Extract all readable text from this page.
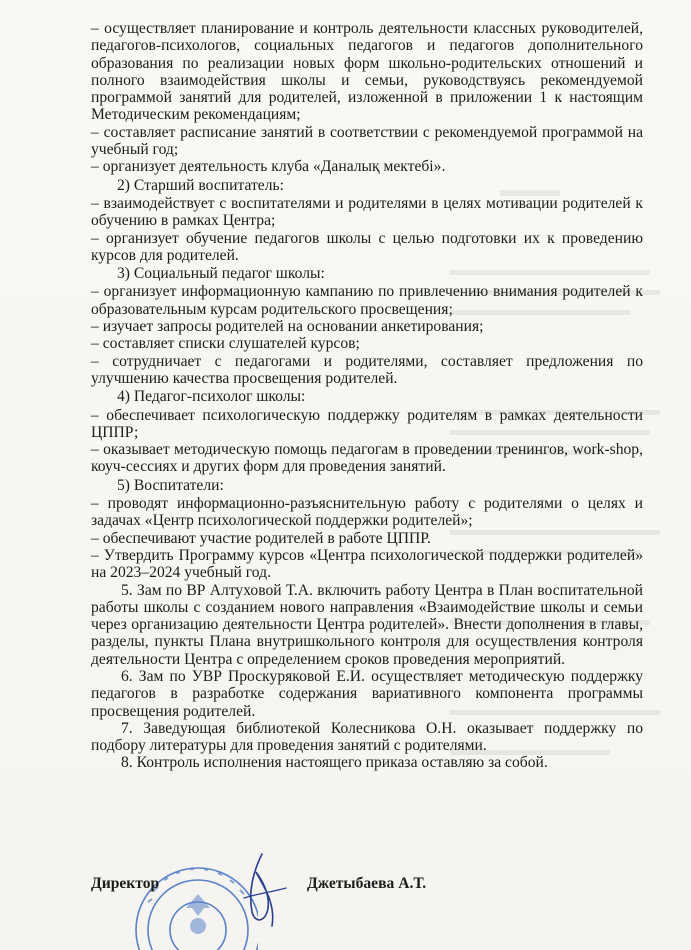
– осуществляет планирование и контроль деятельности классных руководителей, педагогов-психологов, социальных педагогов и педагогов дополнительного образования по реализации новых форм школьно-родительских отношений и полного взаимодействия школы и семьи, руководствуясь рекомендуемой программой занятий для родителей, изложенной в приложении 1 к настоящим Методическим рекомендациям;

– составляет расписание занятий в соответствии с рекомендуемой программой на учебный год;

– организует деятельность клуба «Даналық мектебі».

2) Старший воспитатель:

– взаимодействует с воспитателями и родителями в целях мотивации родителей к обучению в рамках Центра;

– организует обучение педагогов школы с целью подготовки их к проведению курсов для родителей.

3) Социальный педагог школы:

– организует информационную кампанию по привлечению внимания родителей к образовательным курсам родительского просвещения;

– изучает запросы родителей на основании анкетирования;

– составляет списки слушателей курсов;

– сотрудничает с педагогами и родителями, составляет предложения по улучшению качества просвещения родителей.

4) Педагог-психолог школы:

– обеспечивает психологическую поддержку родителям в рамках деятельности ЦППР;

– оказывает методическую помощь педагогам в проведении тренингов, work-shop, коуч-сессиях и других форм для проведения занятий.

5) Воспитатели:

– проводят информационно-разъяснительную работу с родителями о целях и задачах «Центр психологической поддержки родителей»;

– обеспечивают участие родителей в работе ЦППР.

– Утвердить Программу курсов «Центра психологической поддержки родителей» на 2023–2024 учебный год.

5. Зам по ВР Алтуховой Т.А. включить работу Центра в План воспитательной работы школы с созданием нового направления «Взаимодействие школы и семьи через организацию деятельности Центра родителей». Внести дополнения в главы, разделы, пункты Плана внутришкольного контроля для осуществления контроля деятельности Центра с определением сроков проведения мероприятий.

6. Зам по УВР Проскуряковой Е.И. осуществляет методическую поддержку педагогов в разработке содержания вариативного компонента программы просвещения родителей.

7. Заведующая библиотекой Колесникова О.Н. оказывает поддержку по подбору литературы для проведения занятий с родителями.

8. Контроль исполнения настоящего приказа оставляю за собой.

Директор	Джетыбаева А.Т.
